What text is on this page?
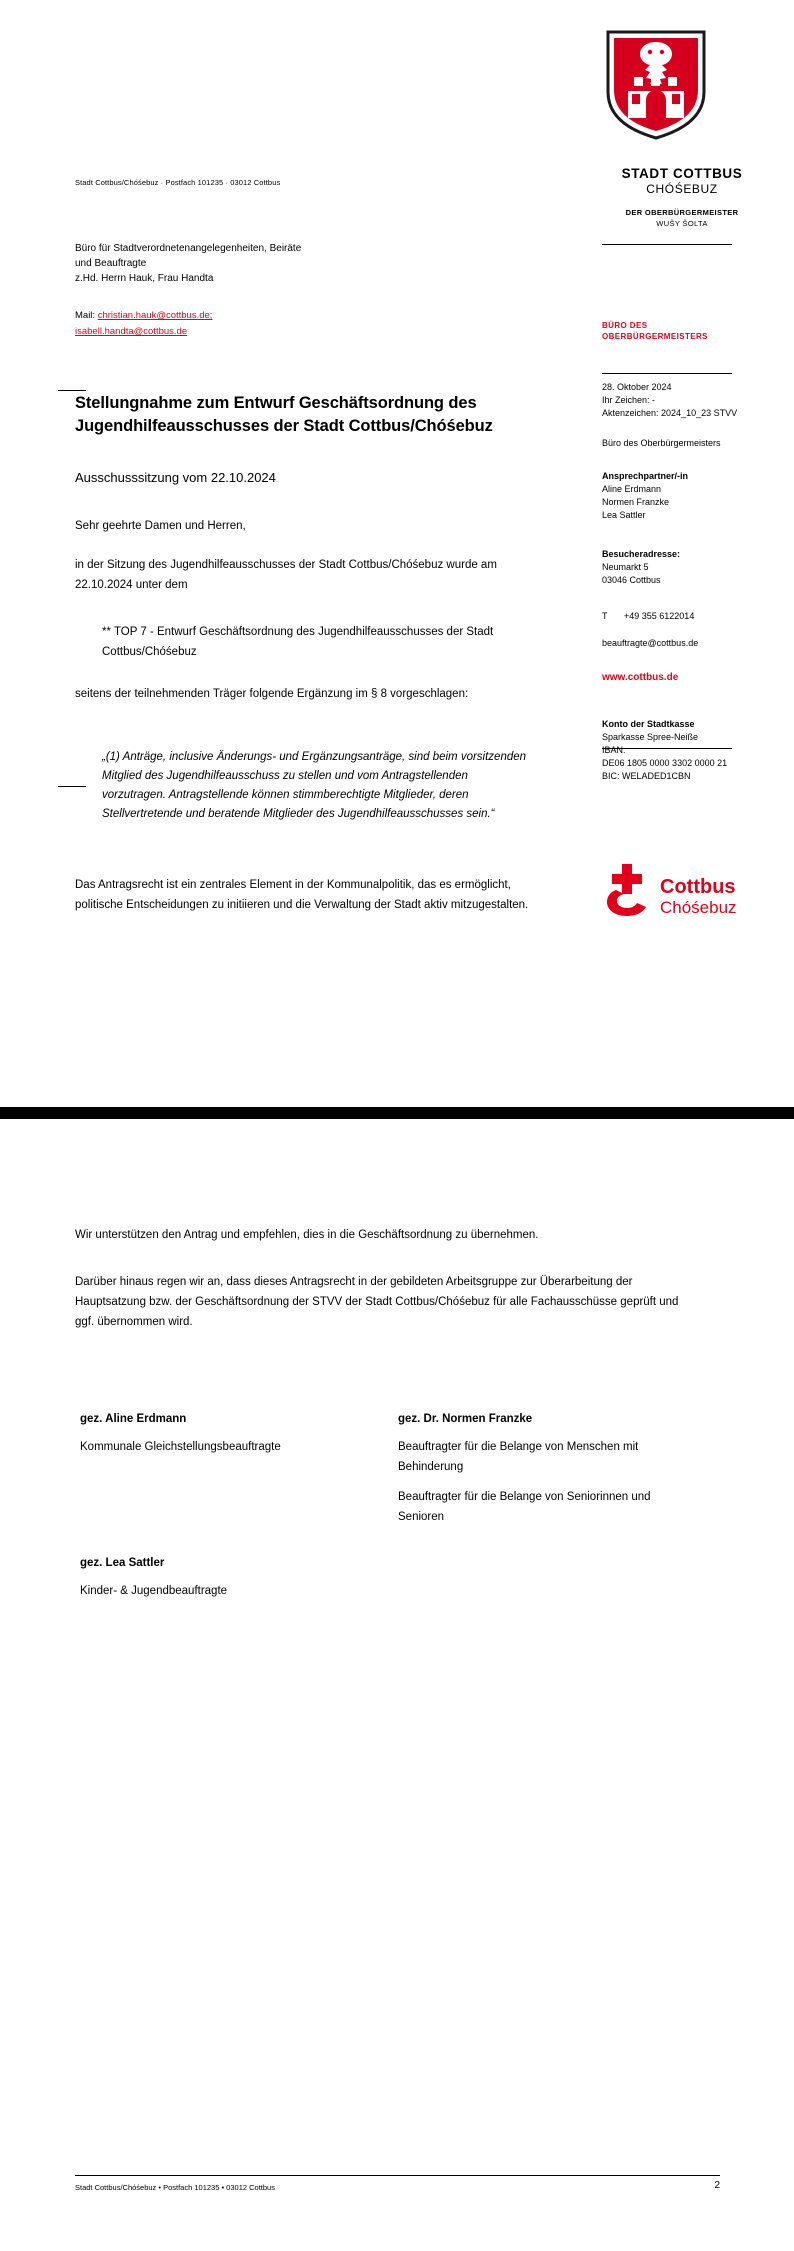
STADT COTTBUS
CHÓŚEBUZ
DER OBERBÜRGERMEISTER
WUŠY ŠOLTA
BÜRO DES
OBERBÜRGERMEISTERS
28. Oktober 2024
Ihr Zeichen: -
Aktenzeichen: 2024_10_23 STVV
Büro des Oberbürgermeisters
Ansprechpartner/-in
Aline Erdmann
Normen Franzke
Lea Sattler
Besucheradresse:
Neumarkt 5
03046 Cottbus
T +49 355 6122014
beauftragte@cottbus.de
www.cottbus.de
Konto der Stadtkasse
Sparkasse Spree-Neiße
IBAN:
DE06 1805 0000 3302 0000 21
BIC: WELADED1CBN
Cottbus
Chóśebuz
Stadt Cottbus/Chóśebuz · Postfach 101235 · 03012 Cottbus
Büro für Stadtverordnetenangelegenheiten, Beiräte
und Beauftragte
z.Hd. Herrn Hauk, Frau Handta
Mail: christian.hauk@cottbus.de;
isabell.handta@cottbus.de
Stellungnahme zum Entwurf Geschäftsordnung des Jugendhilfeausschusses der Stadt Cottbus/Chóśebuz
Ausschusssitzung vom 22.10.2024
Sehr geehrte Damen und Herren,
in der Sitzung des Jugendhilfeausschusses der Stadt Cottbus/Chóśebuz wurde am 22.10.2024 unter dem
** TOP 7 - Entwurf Geschäftsordnung des Jugendhilfeausschusses der Stadt Cottbus/Chóśebuz
seitens der teilnehmenden Träger folgende Ergänzung im § 8 vorgeschlagen:
„(1) Anträge, inclusive Änderungs- und Ergänzungsanträge, sind beim vorsitzenden Mitglied des Jugendhilfeausschuss zu stellen und vom Antragstellenden vorzutragen. Antragstellende können stimmberechtigte Mitglieder, deren Stellvertretende und beratende Mitglieder des Jugendhilfeausschusses sein.“
Das Antragsrecht ist ein zentrales Element in der Kommunalpolitik, das es ermöglicht, politische Entscheidungen zu initiieren und die Verwaltung der Stadt aktiv mitzugestalten.
Wir unterstützen den Antrag und empfehlen, dies in die Geschäftsordnung zu übernehmen.
Darüber hinaus regen wir an, dass dieses Antragsrecht in der gebildeten Arbeitsgruppe zur Überarbeitung der Hauptsatzung bzw. der Geschäftsordnung der STVV der Stadt Cottbus/Chóśebuz für alle Fachausschüsse geprüft und ggf. übernommen wird.
gez. Aline Erdmann
Kommunale Gleichstellungsbeauftragte
gez. Dr. Normen Franzke
Beauftragter für die Belange von Menschen mit Behinderung
Beauftragter für die Belange von Seniorinnen und Senioren
gez. Lea Sattler
Kinder- & Jugendbeauftragte
Stadt Cottbus/Chóśebuz • Postfach 101235 • 03012 Cottbus	2
